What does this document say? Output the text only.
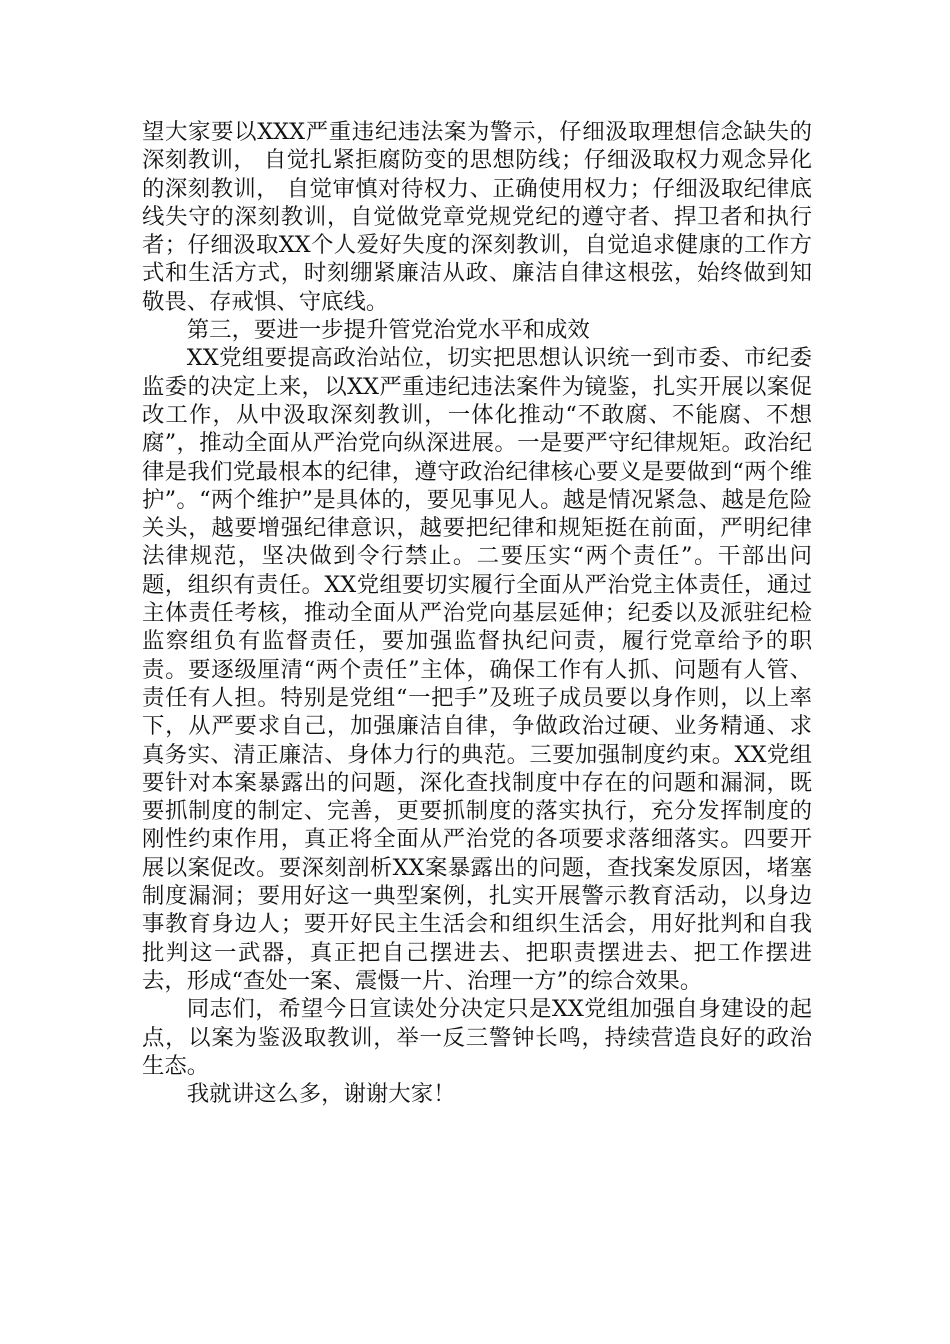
望大家要以XXX严重违纪违法案为警示，仔细汲取理想信念缺失的深刻教训， 自觉扎紧拒腐防变的思想防线；仔细汲取权力观念异化的深刻教训， 自觉审慎对待权力、正确使用权力；仔细汲取纪律底线失守的深刻教训，自觉做党章党规党纪的遵守者、捍卫者和执行者；仔细汲取XX个人爱好失度的深刻教训，自觉追求健康的工作方式和生活方式，时刻绷紧廉洁从政、廉洁自律这根弦，始终做到知敬畏、存戒惧、守底线。

第三，要进一步提升管党治党水平和成效

XX党组要提高政治站位，切实把思想认识统一到市委、市纪委监委的决定上来，以XX严重违纪违法案件为镜鉴，扎实开展以案促改工作，从中汲取深刻教训，一体化推动“不敢腐、不能腐、不想腐”，推动全面从严治党向纵深进展。一是要严守纪律规矩。政治纪律是我们党最根本的纪律，遵守政治纪律核心要义是要做到“两个维护”。“两个维护”是具体的，要见事见人。越是情况紧急、越是危险关头，越要增强纪律意识，越要把纪律和规矩挺在前面，严明纪律法律规范，坚决做到令行禁止。二要压实“两个责任”。干部出问题，组织有责任。XX党组要切实履行全面从严治党主体责任，通过主体责任考核，推动全面从严治党向基层延伸；纪委以及派驻纪检监察组负有监督责任，要加强监督执纪问责，履行党章给予的职责。要逐级厘清“两个责任”主体，确保工作有人抓、问题有人管、责任有人担。特别是党组“一把手”及班子成员要以身作则，以上率下，从严要求自己，加强廉洁自律，争做政治过硬、业务精通、求真务实、清正廉洁、身体力行的典范。三要加强制度约束。XX党组要针对本案暴露出的问题，深化查找制度中存在的问题和漏洞，既要抓制度的制定、完善，更要抓制度的落实执行，充分发挥制度的刚性约束作用，真正将全面从严治党的各项要求落细落实。四要开展以案促改。要深刻剖析XX案暴露出的问题，查找案发原因，堵塞制度漏洞；要用好这一典型案例，扎实开展警示教育活动，以身边事教育身边人；要开好民主生活会和组织生活会，用好批判和自我批判这一武器，真正把自己摆进去、把职责摆进去、把工作摆进去，形成“查处一案、震慑一片、治理一方”的综合效果。

同志们，希望今日宣读处分决定只是XX党组加强自身建设的起点，以案为鉴汲取教训，举一反三警钟长鸣，持续营造良好的政治生态。

我就讲这么多，谢谢大家！
